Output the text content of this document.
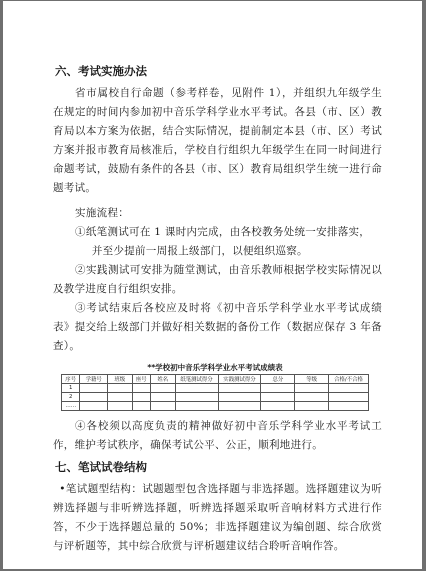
六、考试实施办法

省市属校自行命题（参考样卷，见附件 1），并组织九年级学生在规定的时间内参加初中音乐学科学业水平考试。各县（市、区）教育局以本方案为依据，结合实际情况，提前制定本县（市、区）考试方案并报市教育局核准后，学校自行组织九年级学生在同一时间进行命题考试，鼓励有条件的各县（市、区）教育局组织学生统一进行命题考试。

实施流程：

①纸笔测试可在 1 课时内完成，由各校教务处统一安排落实，

并至少提前一周报上级部门，以便组织巡察。

②实践测试可安排为随堂测试，由音乐教师根据学校实际情况以及教学进度自行组织安排。

③考试结束后各校应及时将《初中音乐学科学业水平考试成绩表》提交给上级部门并做好相关数据的备份工作（数据应保存 3 年备查）。

**学校初中音乐学科学业水平考试成绩表
序号	学籍号	班级	座号	姓名	纸笔测试得分	实践测试得分	总分	等级	合格/不合格
1									
2									
……									

④各校须以高度负责的精神做好初中音乐学科学业水平考试工作，维护考试秩序，确保考试公平、公正，顺利地进行。

七、笔试试卷结构

•笔试题型结构：试题题型包含选择题与非选择题。选择题建议为听辨选择题与非听辨选择题，听辨选择题采取听音响材料方式进行作答，不少于选择题总量的 50%；非选择题建议为编创题、综合欣赏与评析题等，其中综合欣赏与评析题建议结合聆听音响作答。
